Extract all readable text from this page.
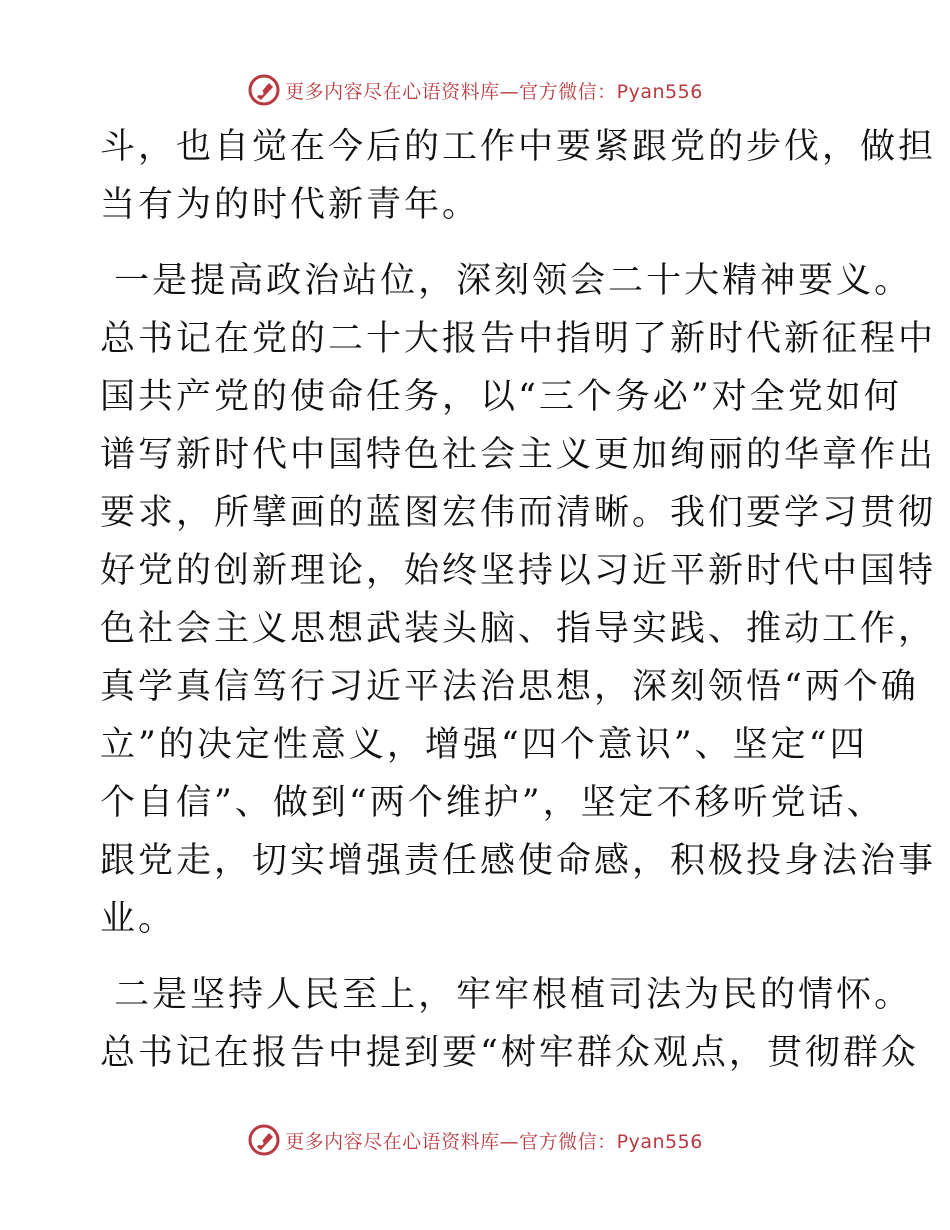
更多内容尽在心语资料库—官方微信：Pyan556
斗，也自觉在今后的工作中要紧跟党的步伐，做担
当有为的时代新青年。
一是提高政治站位，深刻领会二十大精神要义。
总书记在党的二十大报告中指明了新时代新征程中
国共产党的使命任务，以“三个务必”对全党如何
谱写新时代中国特色社会主义更加绚丽的华章作出
要求，所擘画的蓝图宏伟而清晰。我们要学习贯彻
好党的创新理论，始终坚持以习近平新时代中国特
色社会主义思想武装头脑、指导实践、推动工作，
真学真信笃行习近平法治思想，深刻领悟“两个确
立”的决定性意义，增强“四个意识”、坚定“四
个自信”、做到“两个维护”，坚定不移听党话、
跟党走，切实增强责任感使命感，积极投身法治事
业。
二是坚持人民至上，牢牢根植司法为民的情怀。
总书记在报告中提到要“树牢群众观点，贯彻群众
更多内容尽在心语资料库—官方微信：Pyan556
